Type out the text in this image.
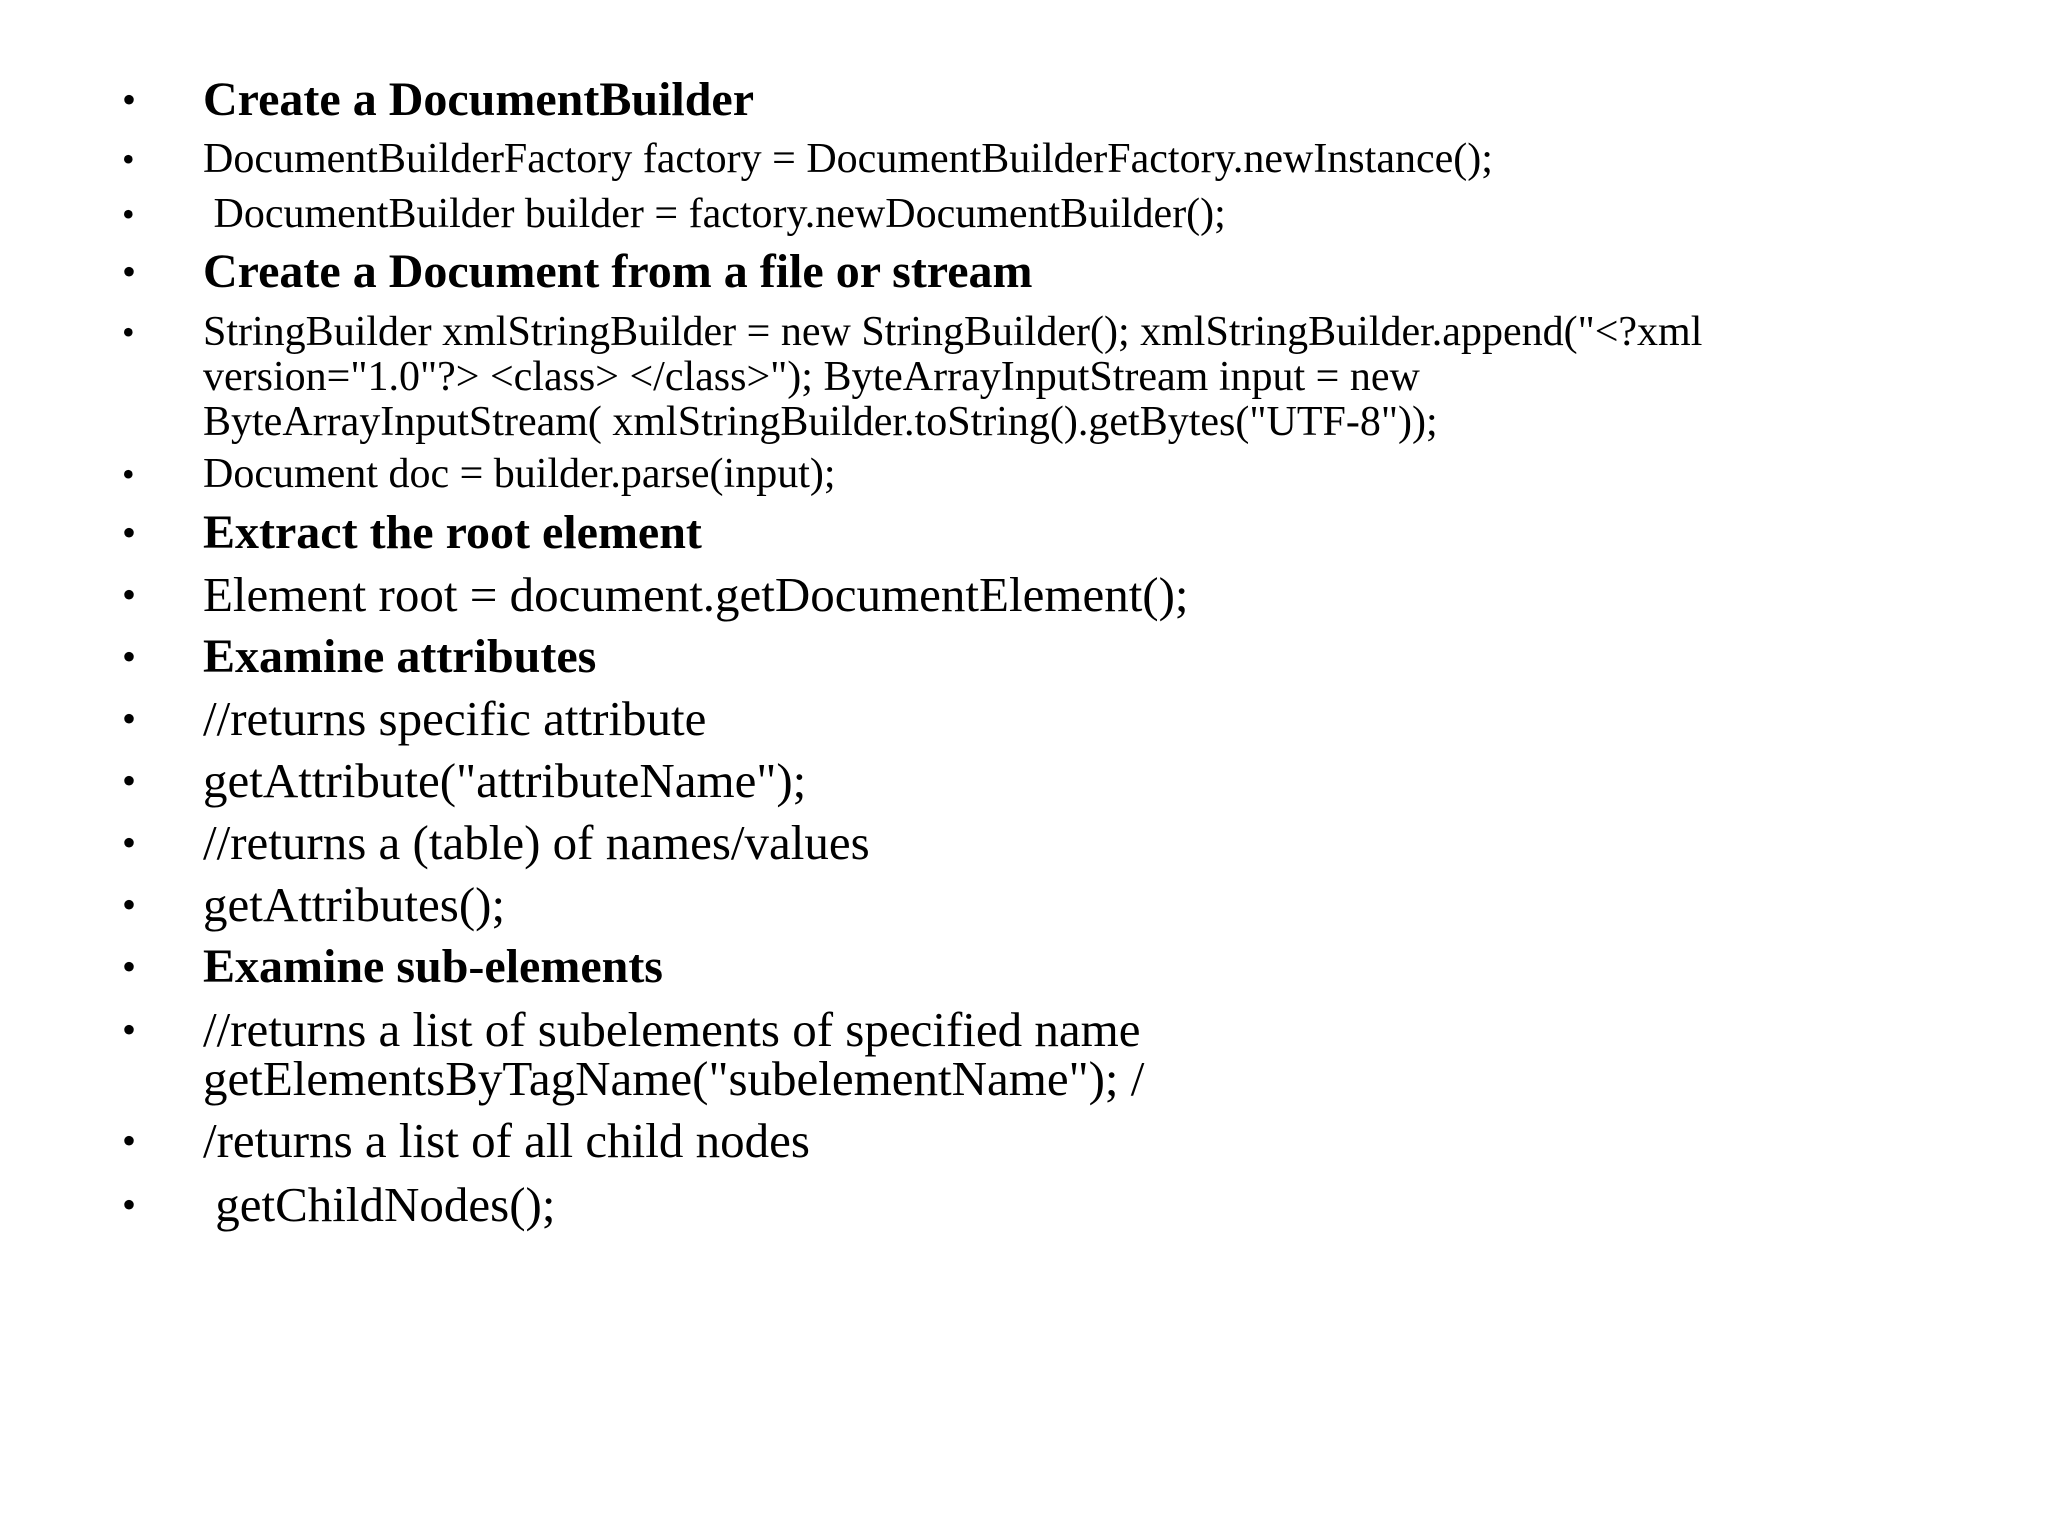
• Create a DocumentBuilder
• DocumentBuilderFactory factory = DocumentBuilderFactory.newInstance();
• DocumentBuilder builder = factory.newDocumentBuilder();
• Create a Document from a file or stream
• StringBuilder xmlStringBuilder = new StringBuilder(); xmlStringBuilder.append("<?xml
version="1.0"?> <class> </class>"); ByteArrayInputStream input = new
ByteArrayInputStream( xmlStringBuilder.toString().getBytes("UTF-8"));
• Document doc = builder.parse(input);
• Extract the root element
• Element root = document.getDocumentElement();
• Examine attributes
• //returns specific attribute
• getAttribute("attributeName");
• //returns a (table) of names/values
• getAttributes();
• Examine sub-elements
• //returns a list of subelements of specified name
getElementsByTagName("subelementName"); /
• /returns a list of all child nodes
• getChildNodes();
